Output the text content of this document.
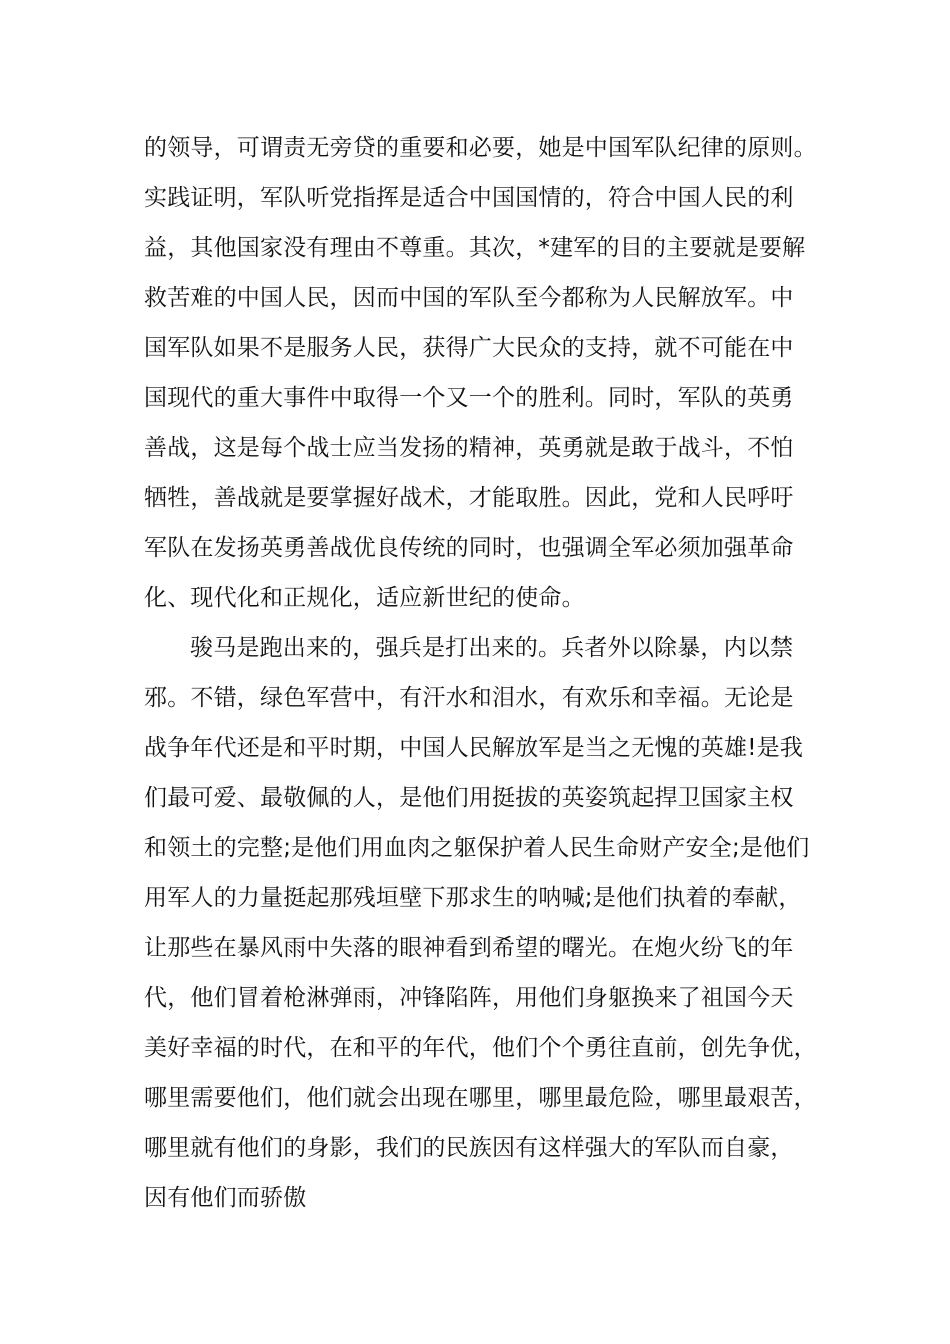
的领导，可谓责无旁贷的重要和必要，她是中国军队纪律的原则。
实践证明，军队听党指挥是适合中国国情的，符合中国人民的利
益，其他国家没有理由不尊重。其次，*建军的目的主要就是要解
救苦难的中国人民，因而中国的军队至今都称为人民解放军。中
国军队如果不是服务人民，获得广大民众的支持，就不可能在中
国现代的重大事件中取得一个又一个的胜利。同时，军队的英勇
善战，这是每个战士应当发扬的精神，英勇就是敢于战斗，不怕
牺牲，善战就是要掌握好战术，才能取胜。因此，党和人民呼吁
军队在发扬英勇善战优良传统的同时，也强调全军必须加强革命
化、现代化和正规化，适应新世纪的使命。
骏马是跑出来的，强兵是打出来的。兵者外以除暴，内以禁
邪。不错，绿色军营中，有汗水和泪水，有欢乐和幸福。无论是
战争年代还是和平时期，中国人民解放军是当之无愧的英雄!是我
们最可爱、最敬佩的人，是他们用挺拔的英姿筑起捍卫国家主权
和领土的完整;是他们用血肉之躯保护着人民生命财产安全;是他们
用军人的力量挺起那残垣壁下那求生的呐喊;是他们执着的奉献，
让那些在暴风雨中失落的眼神看到希望的曙光。在炮火纷飞的年
代，他们冒着枪淋弹雨，冲锋陷阵，用他们身躯换来了祖国今天
美好幸福的时代，在和平的年代，他们个个勇往直前，创先争优，
哪里需要他们，他们就会出现在哪里，哪里最危险，哪里最艰苦，
哪里就有他们的身影，我们的民族因有这样强大的军队而自豪，
因有他们而骄傲
